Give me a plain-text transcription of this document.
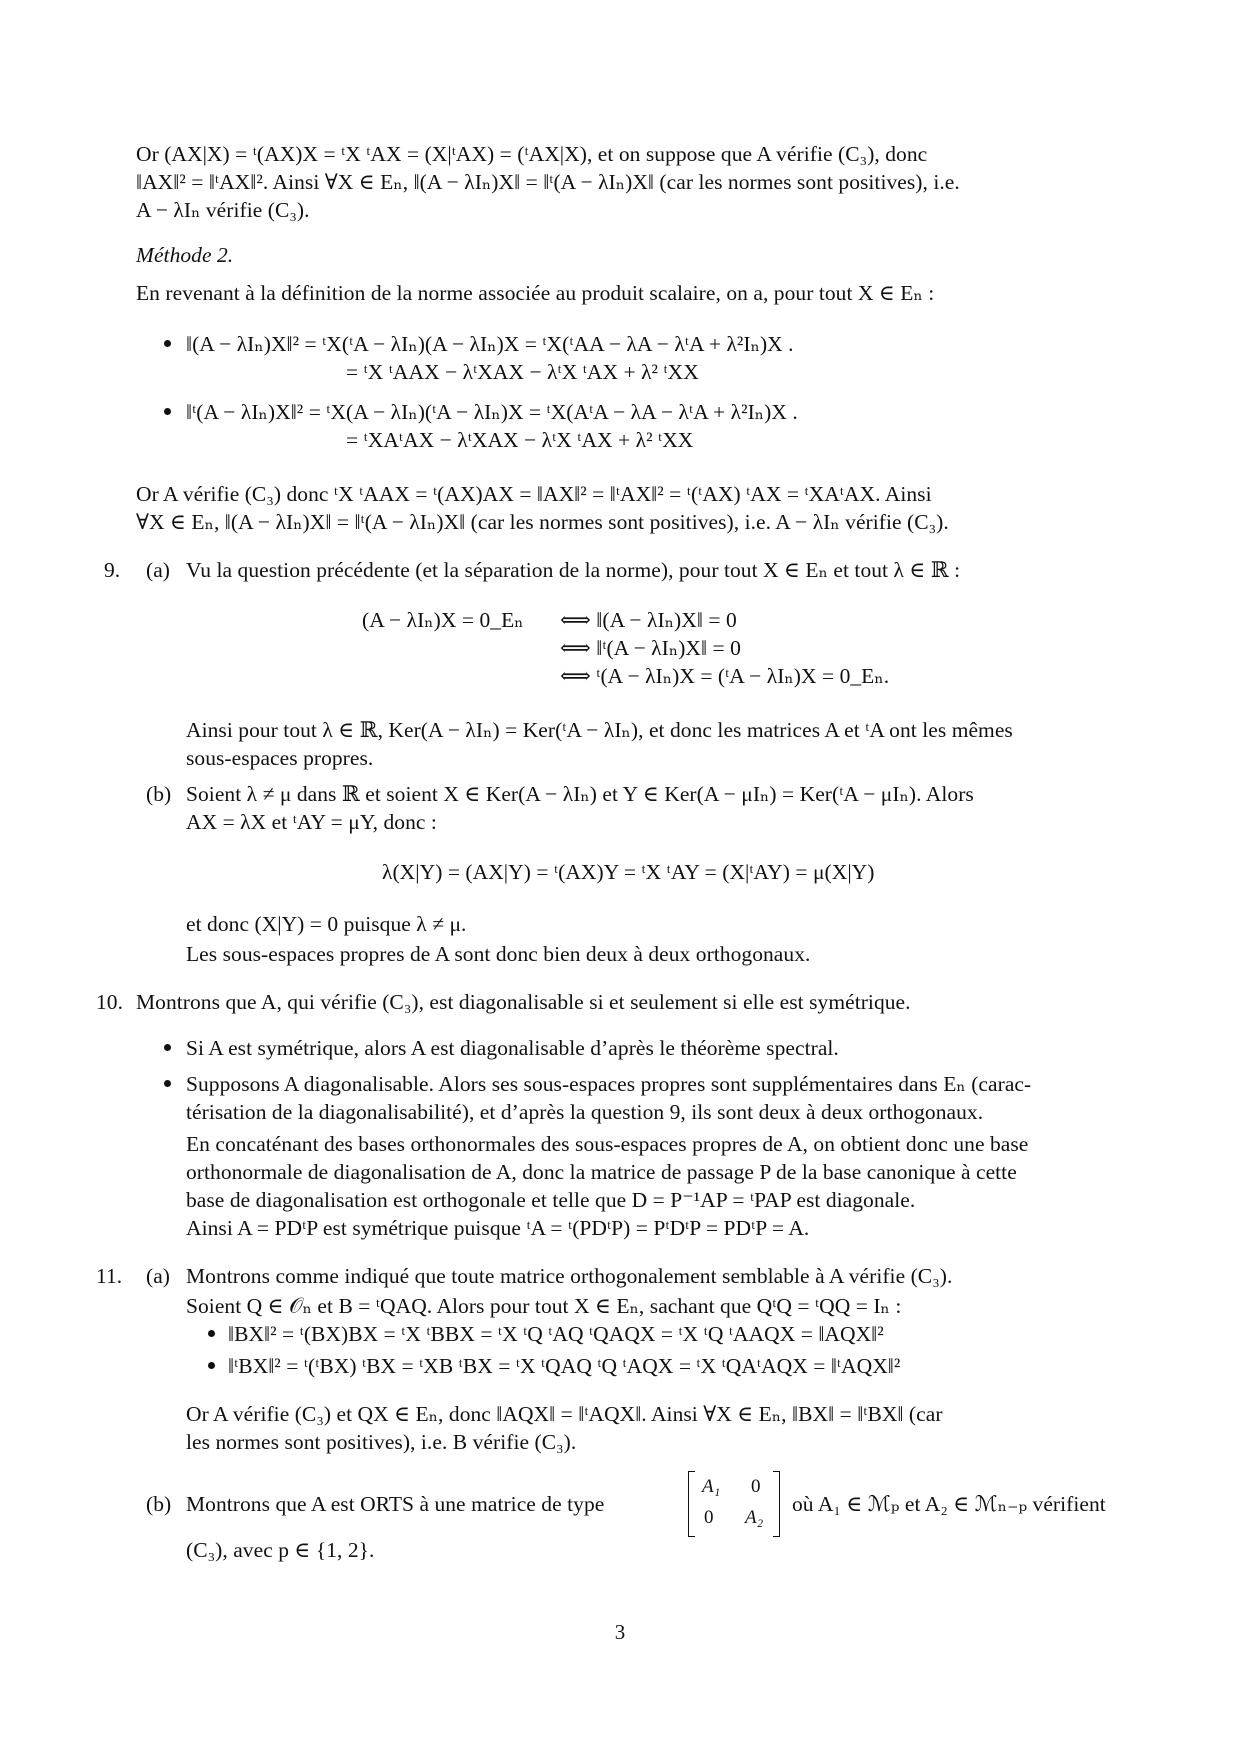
Or (AX|X) = ᵗ(AX)X = ᵗX ᵗAX = (X|ᵗAX) = (ᵗAX|X), et on suppose que A vérifie (C₃), donc
‖AX‖² = ‖ᵗAX‖². Ainsi ∀X ∈ Eₙ, ‖(A − λIₙ)X‖ = ‖ᵗ(A − λIₙ)X‖ (car les normes sont positives), i.e.
A − λIₙ vérifie (C₃).
Méthode 2.
En revenant à la définition de la norme associée au produit scalaire, on a, pour tout X ∈ Eₙ :
‖(A − λIₙ)X‖² = ᵗX(ᵗA − λIₙ)(A − λIₙ)X = ᵗX(ᵗAA − λA − λᵗA + λ²Iₙ)X .
= ᵗX ᵗAAX − λᵗXAX − λᵗX ᵗAX + λ² ᵗXX
‖ᵗ(A − λIₙ)X‖² = ᵗX(A − λIₙ)(ᵗA − λIₙ)X = ᵗX(AᵗA − λA − λᵗA + λ²Iₙ)X .
= ᵗXAᵗAX − λᵗXAX − λᵗX ᵗAX + λ² ᵗXX
Or A vérifie (C₃) donc ᵗX ᵗAAX = ᵗ(AX)AX = ‖AX‖² = ‖ᵗAX‖² = ᵗ(ᵗAX) ᵗAX = ᵗXAᵗAX. Ainsi
∀X ∈ Eₙ, ‖(A − λIₙ)X‖ = ‖ᵗ(A − λIₙ)X‖ (car les normes sont positives), i.e. A − λIₙ vérifie (C₃).
9. (a) Vu la question précédente (et la séparation de la norme), pour tout X ∈ Eₙ et tout λ ∈ ℝ :
(A − λIₙ)X = 0_Eₙ ⟺ ‖(A − λIₙ)X‖ = 0
⟺ ‖ᵗ(A − λIₙ)X‖ = 0
⟺ ᵗ(A − λIₙ)X = (ᵗA − λIₙ)X = 0_Eₙ.
Ainsi pour tout λ ∈ ℝ, Ker(A − λIₙ) = Ker(ᵗA − λIₙ), et donc les matrices A et ᵗA ont les mêmes
sous-espaces propres.
(b) Soient λ ≠ μ dans ℝ et soient X ∈ Ker(A − λIₙ) et Y ∈ Ker(A − μIₙ) = Ker(ᵗA − μIₙ). Alors
AX = λX et ᵗAY = μY, donc :
λ(X|Y) = (AX|Y) = ᵗ(AX)Y = ᵗX ᵗAY = (X|ᵗAY) = μ(X|Y)
et donc (X|Y) = 0 puisque λ ≠ μ.
Les sous-espaces propres de A sont donc bien deux à deux orthogonaux.
10. Montrons que A, qui vérifie (C₃), est diagonalisable si et seulement si elle est symétrique.
Si A est symétrique, alors A est diagonalisable d’après le théorème spectral.
Supposons A diagonalisable. Alors ses sous-espaces propres sont supplémentaires dans Eₙ (carac-
térisation de la diagonalisabilité), et d’après la question 9, ils sont deux à deux orthogonaux.
En concaténant des bases orthonormales des sous-espaces propres de A, on obtient donc une base
orthonormale de diagonalisation de A, donc la matrice de passage P de la base canonique à cette
base de diagonalisation est orthogonale et telle que D = P⁻¹AP = ᵗPAP est diagonale.
Ainsi A = PDᵗP est symétrique puisque ᵗA = ᵗ(PDᵗP) = PᵗDᵗP = PDᵗP = A.
11. (a) Montrons comme indiqué que toute matrice orthogonalement semblable à A vérifie (C₃).
Soient Q ∈ 𝒪ₙ et B = ᵗQAQ. Alors pour tout X ∈ Eₙ, sachant que QᵗQ = ᵗQQ = Iₙ :
‖BX‖² = ᵗ(BX)BX = ᵗX ᵗBBX = ᵗX ᵗQ ᵗAQ ᵗQAQX = ᵗX ᵗQ ᵗAAQX = ‖AQX‖²
‖ᵗBX‖² = ᵗ(ᵗBX) ᵗBX = ᵗXB ᵗBX = ᵗX ᵗQAQ ᵗQ ᵗAQX = ᵗX ᵗQAᵗAQX = ‖ᵗAQX‖²
Or A vérifie (C₃) et QX ∈ Eₙ, donc ‖AQX‖ = ‖ᵗAQX‖. Ainsi ∀X ∈ Eₙ, ‖BX‖ = ‖ᵗBX‖ (car
les normes sont positives), i.e. B vérifie (C₃).
(b) Montrons que A est ORTS à une matrice de type
A₁ 0
0 A₂
où A₁ ∈ ℳₚ et A₂ ∈ ℳₙ₋ₚ vérifient
(C₃), avec p ∈ {1, 2}.
3
